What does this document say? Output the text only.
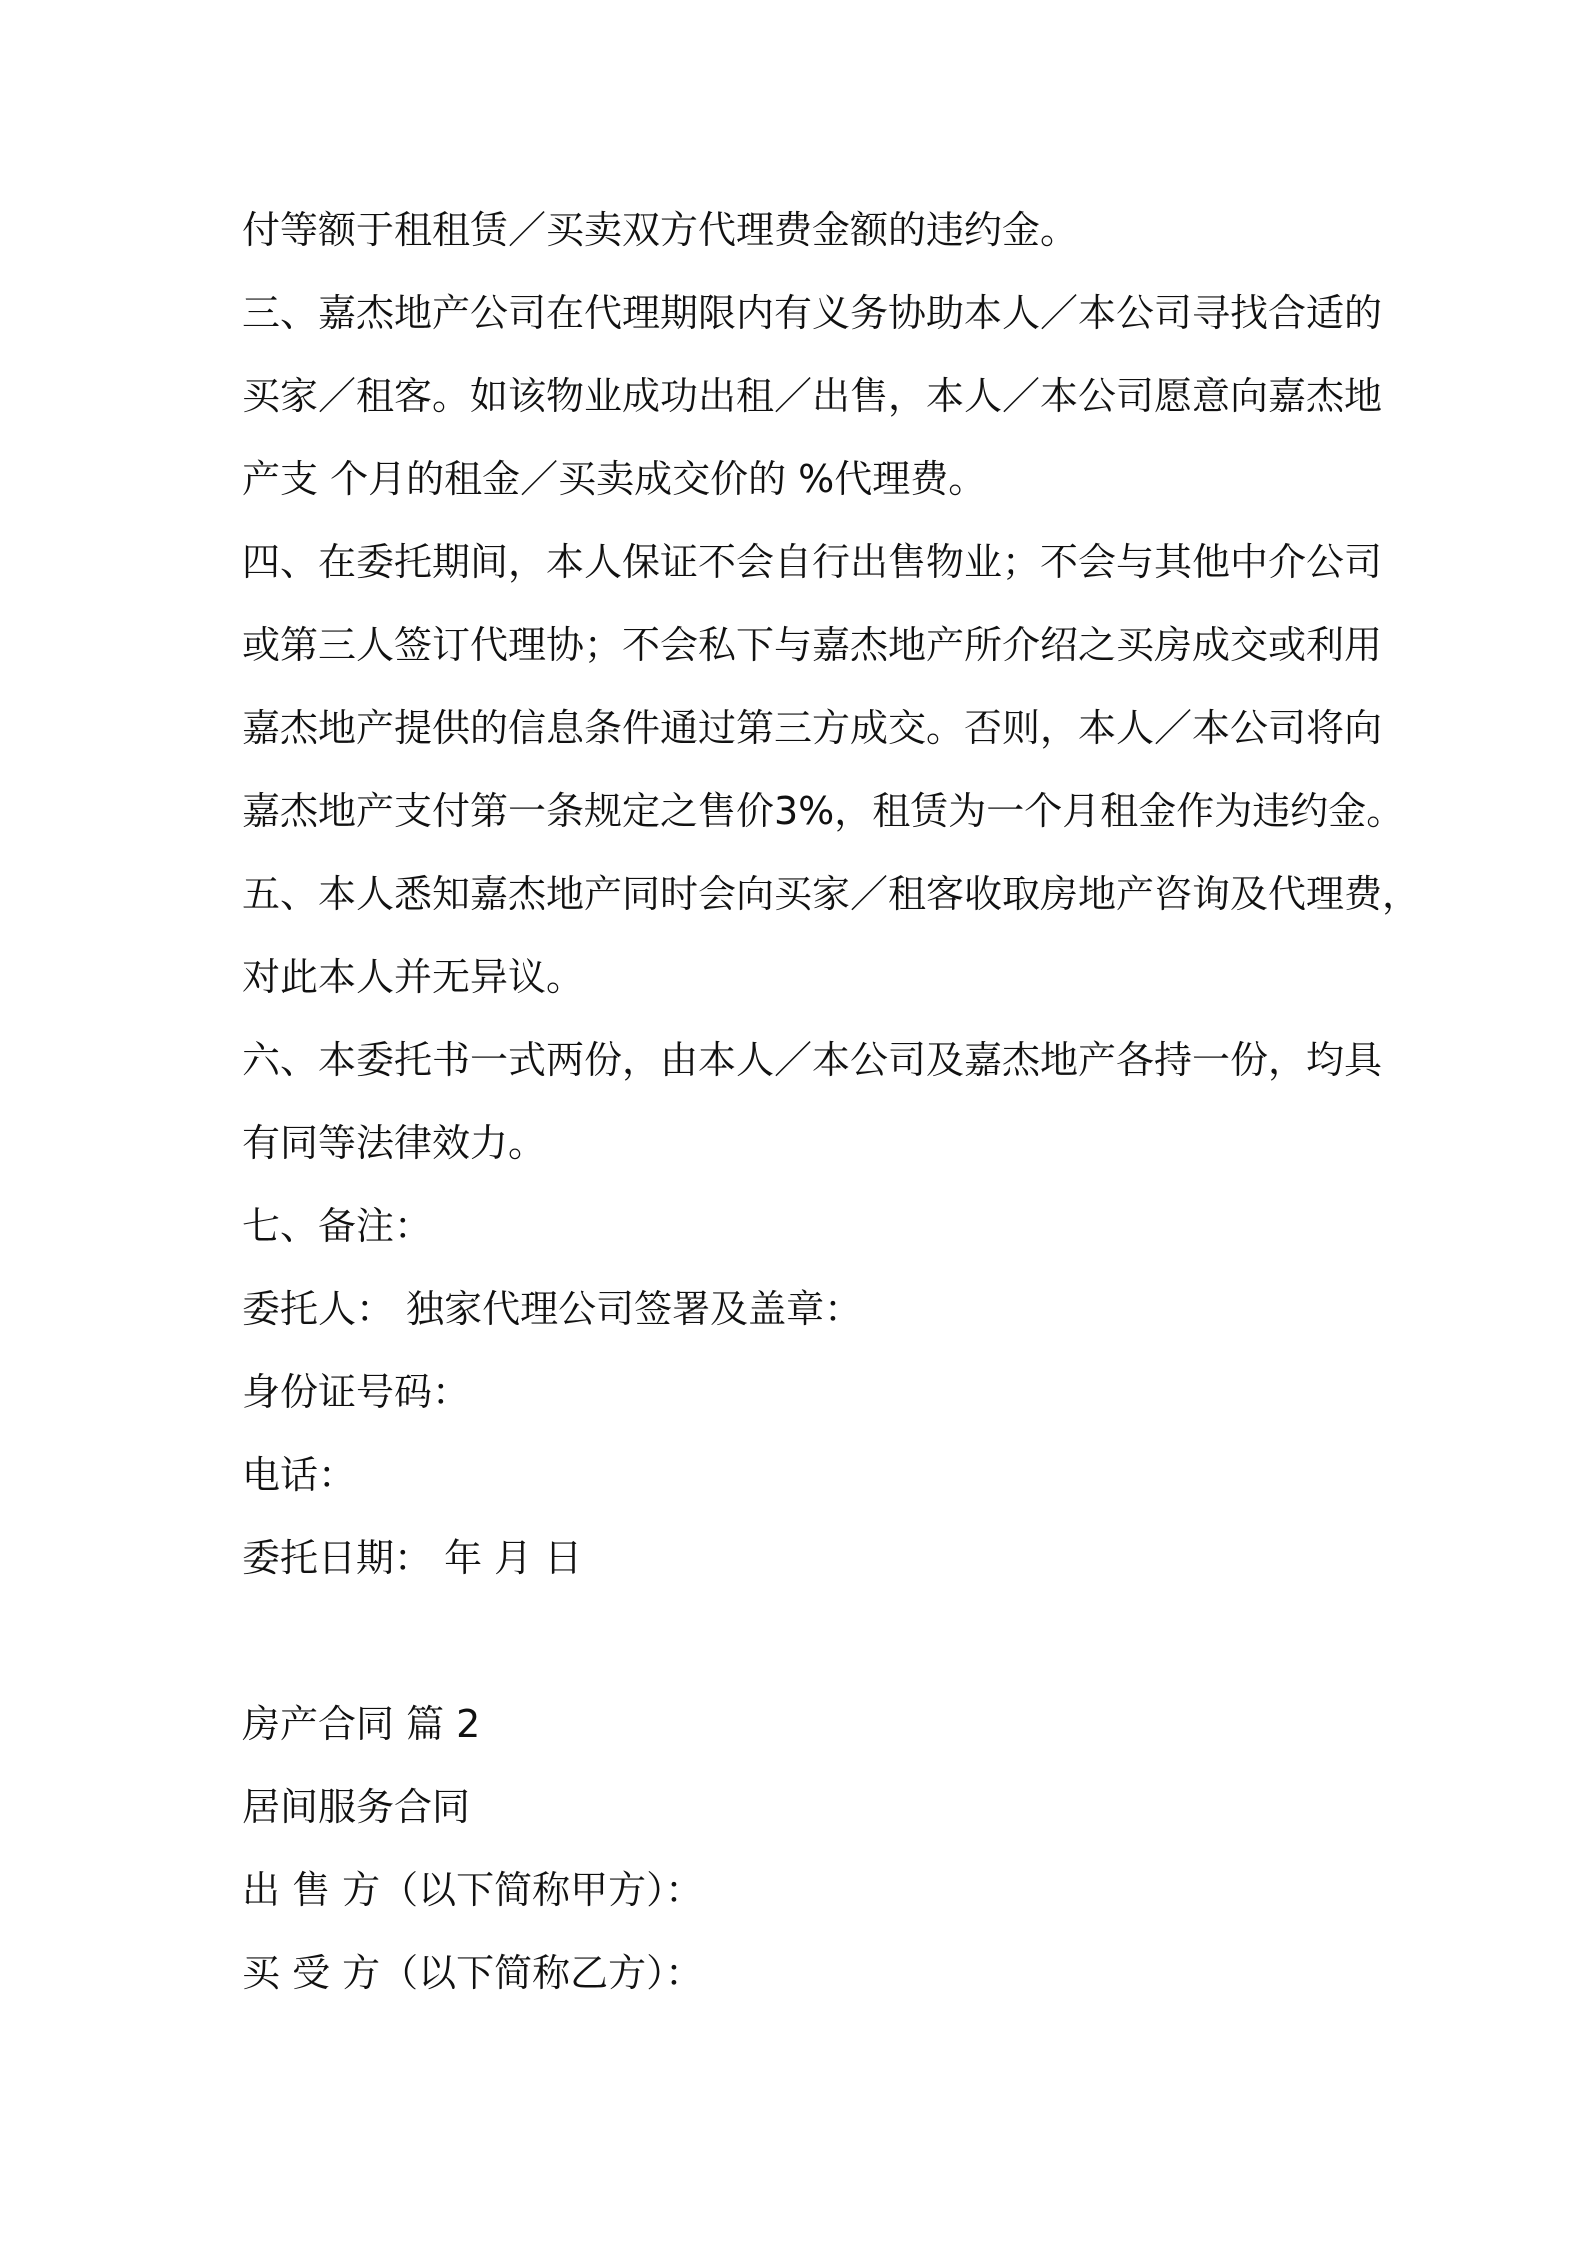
付等额于租租赁／买卖双方代理费金额的违约金。
三、嘉杰地产公司在代理期限内有义务协助本人／本公司寻找合适的
买家／租客。如该物业成功出租／出售，本人／本公司愿意向嘉杰地
产支 个月的租金／买卖成交价的 %代理费。
四、在委托期间，本人保证不会自行出售物业；不会与其他中介公司
或第三人签订代理协；不会私下与嘉杰地产所介绍之买房成交或利用
嘉杰地产提供的信息条件通过第三方成交。否则，本人／本公司将向
嘉杰地产支付第一条规定之售价3%，租赁为一个月租金作为违约金。
五、本人悉知嘉杰地产同时会向买家／租客收取房地产咨询及代理费，
对此本人并无异议。
六、本委托书一式两份，由本人／本公司及嘉杰地产各持一份，均具
有同等法律效力。
七、备注：
委托人： 独家代理公司签署及盖章：
身份证号码：
电话：
委托日期： 年 月 日
房产合同 篇 2
居间服务合同
出 售 方（以下简称甲方）：
买 受 方（以下简称乙方）：
